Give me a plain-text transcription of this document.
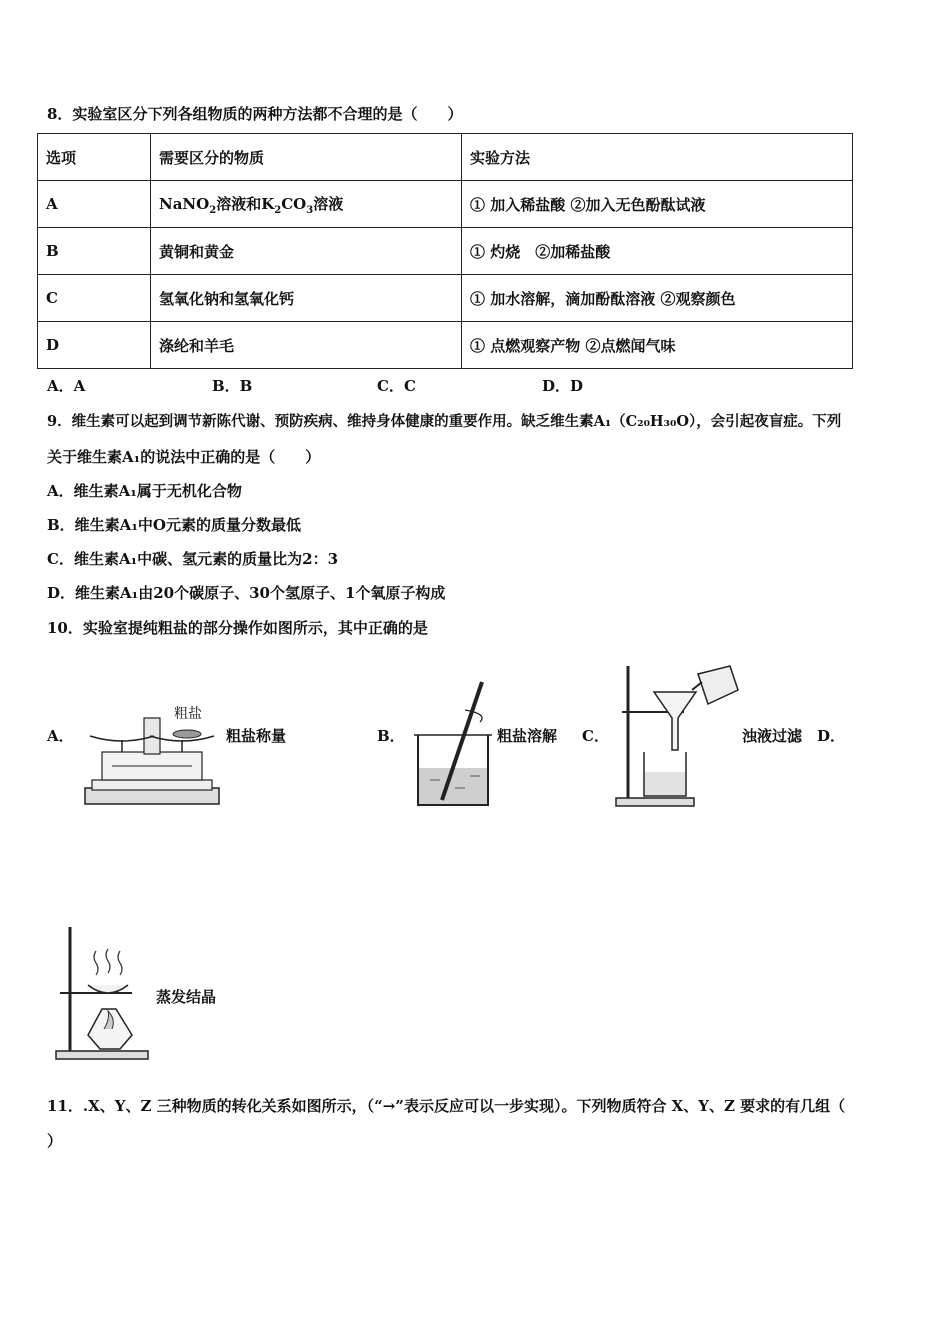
8．实验室区分下列各组物质的两种方法都不合理的是（　　）
选项	需要区分的物质	实验方法
A	NaNO$_2$溶液和$K_2CO_3$溶液	① 加入稀盐酸 ②加入无色酚酞试液
B	黄铜和黄金	① 灼烧　②加稀盐酸
C	氢氧化钠和氢氧化钙	① 加水溶解，滴加酚酞溶液 ②观察颜色
D	涤纶和羊毛	① 点燃观察产物 ②点燃闻气味
A．A	B．B	C．C	D．D
9．维生素可以起到调节新陈代谢、预防疾病、维持身体健康的重要作用。缺乏维生素A₁（C₂₀H₃₀O），会引起夜盲症。下列
关于维生素A₁的说法中正确的是（　　）
A．维生素A₁属于无机化合物
B．维生素A₁中O元素的质量分数最低
C．维生素A₁中碳、氢元素的质量比为2：3
D．维生素A₁由20个碳原子、30个氢原子、1个氧原子构成
10．实验室提纯粗盐的部分操作如图所示，其中正确的是
A．
粗盐
粗盐称量	B．	粗盐溶解 C．	浊液过滤 D．
蒸发结晶
11．.X、Y、Z 三种物质的转化关系如图所示，（“→”表示反应可以一步实现）。下列物质符合 X、Y、Z 要求的有几组（
）
